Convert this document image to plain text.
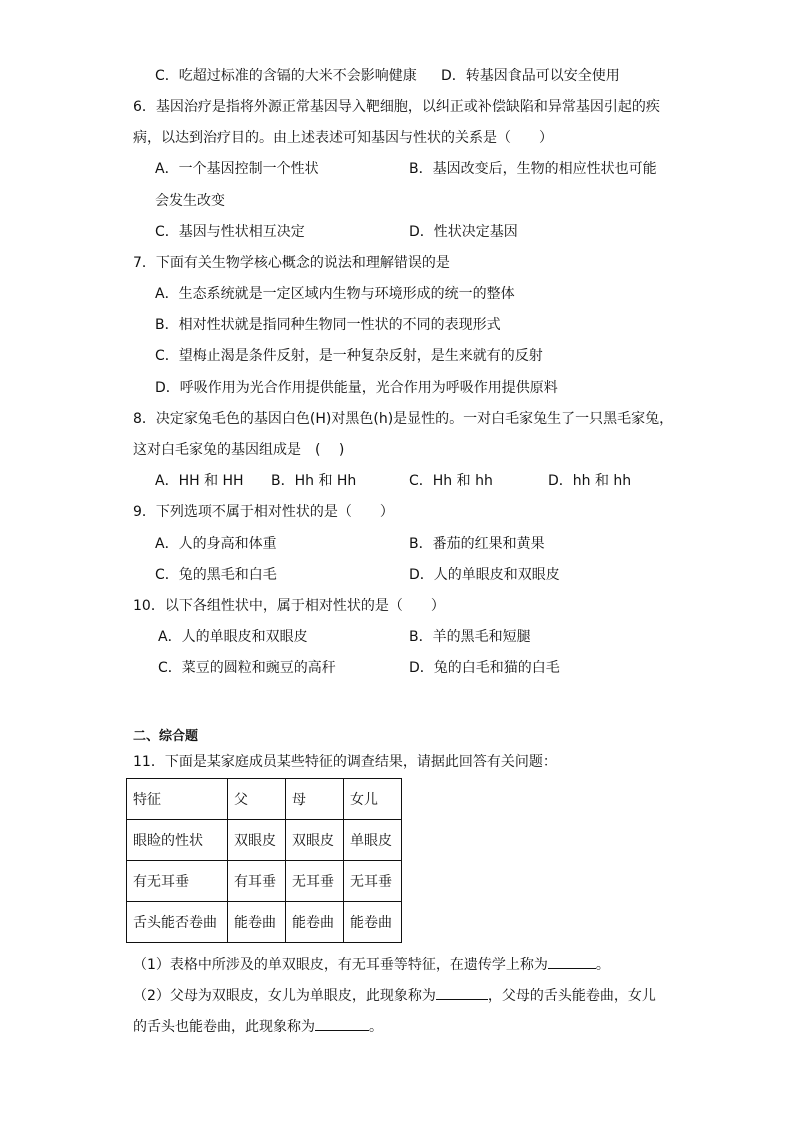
C．吃超过标准的含镉的大米不会影响健康 D．转基因食品可以安全使用
6．基因治疗是指将外源正常基因导入靶细胞，以纠正或补偿缺陷和异常基因引起的疾
病，以达到治疗目的。由上述表述可知基因与性状的关系是（　　）
A．一个基因控制一个性状	B．基因改变后，生物的相应性状也可能
会发生改变
C．基因与性状相互决定	D．性状决定基因
7．下面有关生物学核心概念的说法和理解错误的是
A．生态系统就是一定区域内生物与环境形成的统一的整体
B．相对性状就是指同种生物同一性状的不同的表现形式
C．望梅止渴是条件反射，是一种复杂反射，是生来就有的反射
D．呼吸作用为光合作用提供能量，光合作用为呼吸作用提供原料
8．决定家兔毛色的基因白色(H)对黑色(h)是显性的。一对白毛家兔生了一只黑毛家兔，
这对白毛家兔的基因组成是　(　 )
A．HH 和 HH B．Hh 和 Hh	C．Hh 和 hh	D．hh 和 hh
9．下列选项不属于相对性状的是（　　）
A．人的身高和体重	B．番茄的红果和黄果
C．兔的黑毛和白毛	D．人的单眼皮和双眼皮
10．以下各组性状中，属于相对性状的是（　　）
A．人的单眼皮和双眼皮	B．羊的黑毛和短腿
C．菜豆的圆粒和豌豆的高秆	D．兔的白毛和猫的白毛
二、综合题
11．下面是某家庭成员某些特征的调查结果，请据此回答有关问题：
特征	父	母	女儿
眼睑的性状	双眼皮	双眼皮	单眼皮
有无耳垂	有耳垂	无耳垂	无耳垂
舌头能否卷曲	能卷曲	能卷曲	能卷曲
（1）表格中所涉及的单双眼皮，有无耳垂等特征，在遗传学上称为	。
（2）父母为双眼皮，女儿为单眼皮，此现象称为	，父母的舌头能卷曲，女儿
的舌头也能卷曲，此现象称为	。
